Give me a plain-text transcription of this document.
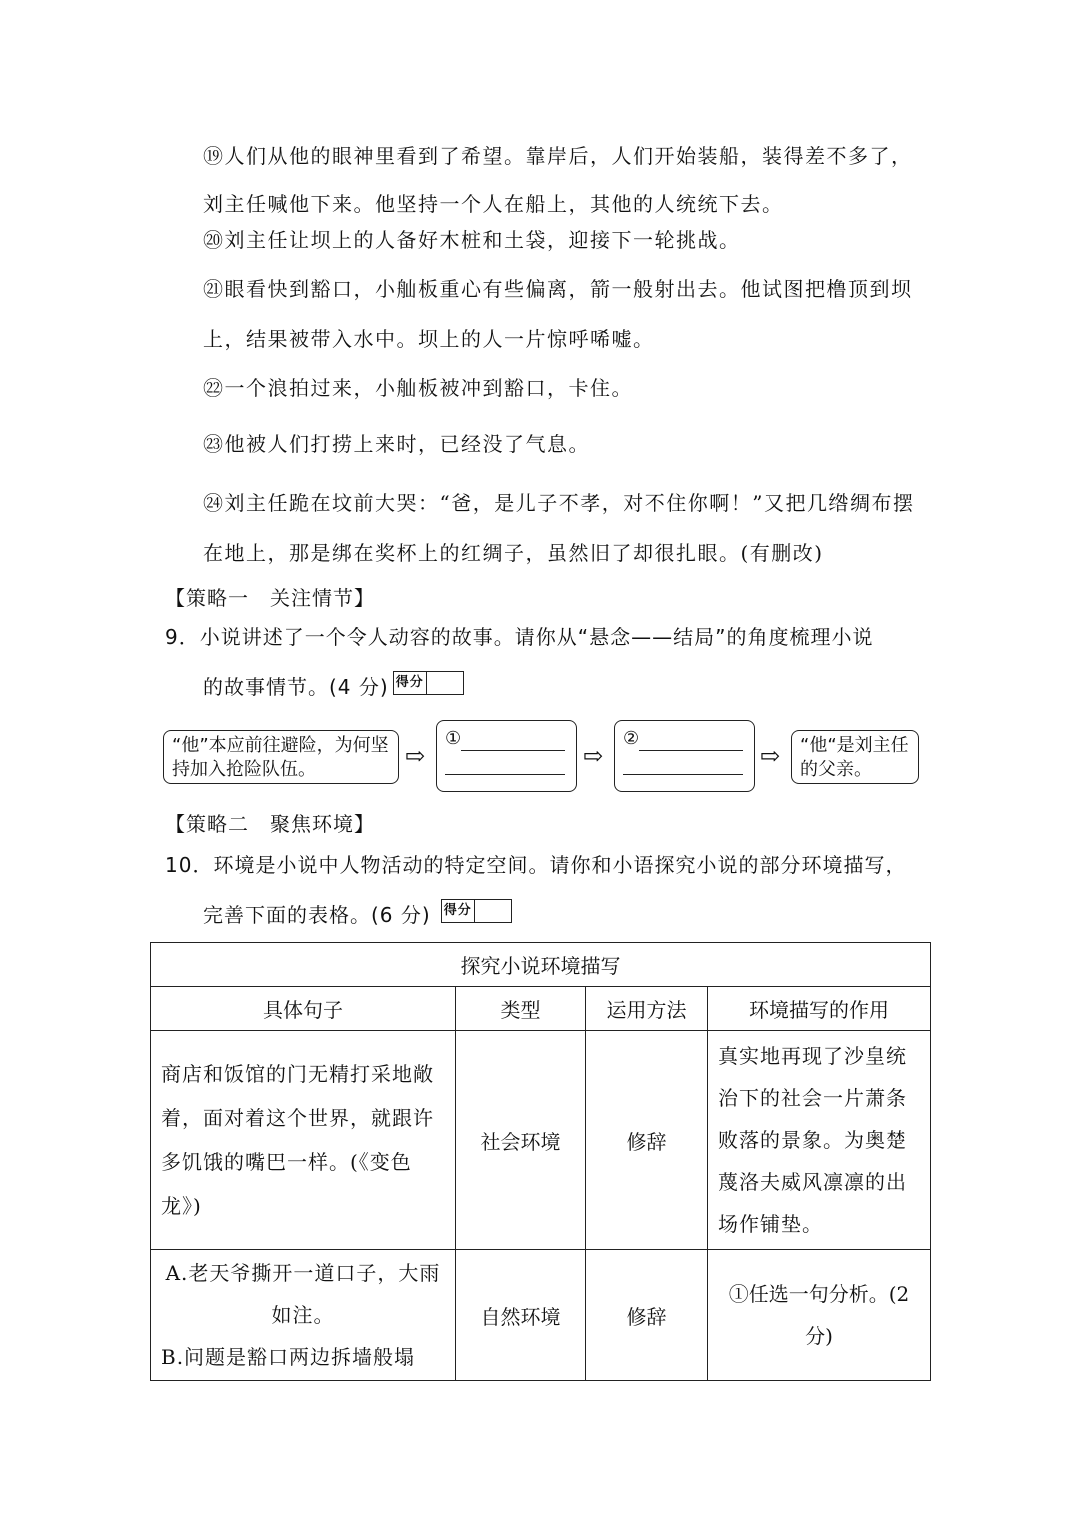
⑲人们从他的眼神里看到了希望。靠岸后，人们开始装船，装得差不多了，刘主任喊他下来。他坚持一个人在船上，其他的人统统下去。
⑳刘主任让坝上的人备好木桩和土袋，迎接下一轮挑战。
㉑眼看快到豁口，小舢板重心有些偏离，箭一般射出去。他试图把橹顶到坝上，结果被带入水中。坝上的人一片惊呼唏嘘。
㉒一个浪拍过来，小舢板被冲到豁口，卡住。
㉓他被人们打捞上来时，已经没了气息。
㉔刘主任跪在坟前大哭：“爸，是儿子不孝，对不住你啊！”又把几绺绸布摆在地上，那是绑在奖杯上的红绸子，虽然旧了却很扎眼。(有删改)
【策略一　关注情节】
9．小说讲述了一个令人动容的故事。请你从“悬念——结局”的角度梳理小说
的故事情节。(4 分) 得分
“他”本应前往避险，为何坚持加入抢险队伍。	⇨
①

⇨
②

⇨	“他“是刘主任的父亲。
【策略二　聚焦环境】
10．环境是小说中人物活动的特定空间。请你和小语探究小说的部分环境描写，
完善下面的表格。(6 分) 得分
探究小说环境描写			
具体句子	类型	运用方法	环境描写的作用
商店和饭馆的门无精打采地敞着，面对着这个世界，就跟许多饥饿的嘴巴一样。(《变色龙》)	社会环境	修辞	真实地再现了沙皇统治下的社会一片萧条败落的景象。为奥楚蔑洛夫威风凛凛的出场作铺垫。

A.老天爷撕开一道口子，大雨如注。
B.问题是豁口两边拆墙般塌	自然环境	修辞	①任选一句分析。(2分)
